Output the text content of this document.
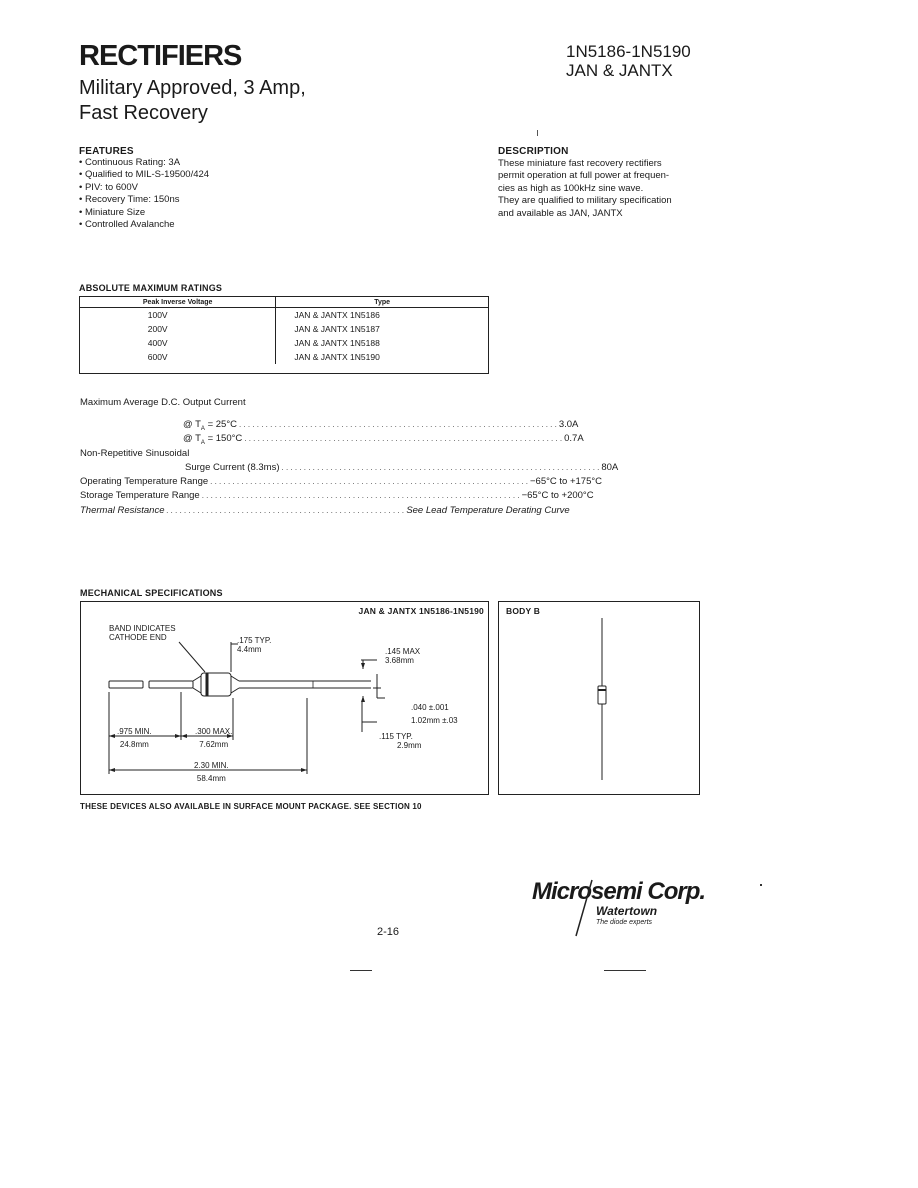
RECTIFIERS
Military Approved, 3 Amp,
Fast Recovery
1N5186-1N5190
JAN & JANTX
FEATURES
• Continuous Rating: 3A
• Qualified to MIL-S-19500/424
• PIV: to 600V
• Recovery Time: 150ns
• Miniature Size
• Controlled Avalanche
DESCRIPTION
These miniature fast recovery rectifiers
permit operation at full power at frequen-
cies as high as 100kHz sine wave.
They are qualified to military specification
and available as JAN, JANTX
ABSOLUTE MAXIMUM RATINGS
Peak Inverse Voltage	Type
100V	JAN & JANTX 1N5186
200V	JAN & JANTX 1N5187
400V	JAN & JANTX 1N5188
600V	JAN & JANTX 1N5190
Maximum Average D.C. Output Current
@ $T_A = 25^\circ C$ . . . . . . . . . . . . . . . . . . . . . . . . . . . . . . . . . . . . . . . . . . . . . . . . . . . . . . . . . . . . . . . . . . . . . . . . 3.0A
@ $T_A = 150^\circ C$ . . . . . . . . . . . . . . . . . . . . . . . . . . . . . . . . . . . . . . . . . . . . . . . . . . . . . . . . . . . . . . . . . . . . . . . . 0.7A
Non-Repetitive Sinusoidal
Surge Current (8.3ms) . . . . . . . . . . . . . . . . . . . . . . . . . . . . . . . . . . . . . . . . . . . . . . . . . . . . . . . . . . . . . . . . . . . . . . . . 80A
Operating Temperature Range . . . . . . . . . . . . . . . . . . . . . . . . . . . . . . . . . . . . . . . . . . . . . . . . . . . . . . . . . . . . . . . . . . . . . . . . −65°C to +175°C
Storage Temperature Range . . . . . . . . . . . . . . . . . . . . . . . . . . . . . . . . . . . . . . . . . . . . . . . . . . . . . . . . . . . . . . . . . . . . . . . . −65°C to +200°C
Thermal Resistance . . . . . . . . . . . . . . . . . . . . . . . . . . . . . . . . . . . . . . . . . . . . . . . . . . . . . . See Lead Temperature Derating Curve
MECHANICAL SPECIFICATIONS
JAN & JANTX 1N5186-1N5190
BAND INDICATES
CATHODE END	.175 TYP.
4.4mm	.145 MAX
3.68mm
.040 ±.001
1.02mm ±.03
.115 TYP.
2.9mm
.975 MIN.
24.8mm
.300 MAX.
7.62mm
2.30 MIN.
58.4mm
BODY B
THESE DEVICES ALSO AVAILABLE IN SURFACE MOUNT PACKAGE. SEE SECTION 10
2-16
Microsemi Corp.
Watertown
The diode experts
